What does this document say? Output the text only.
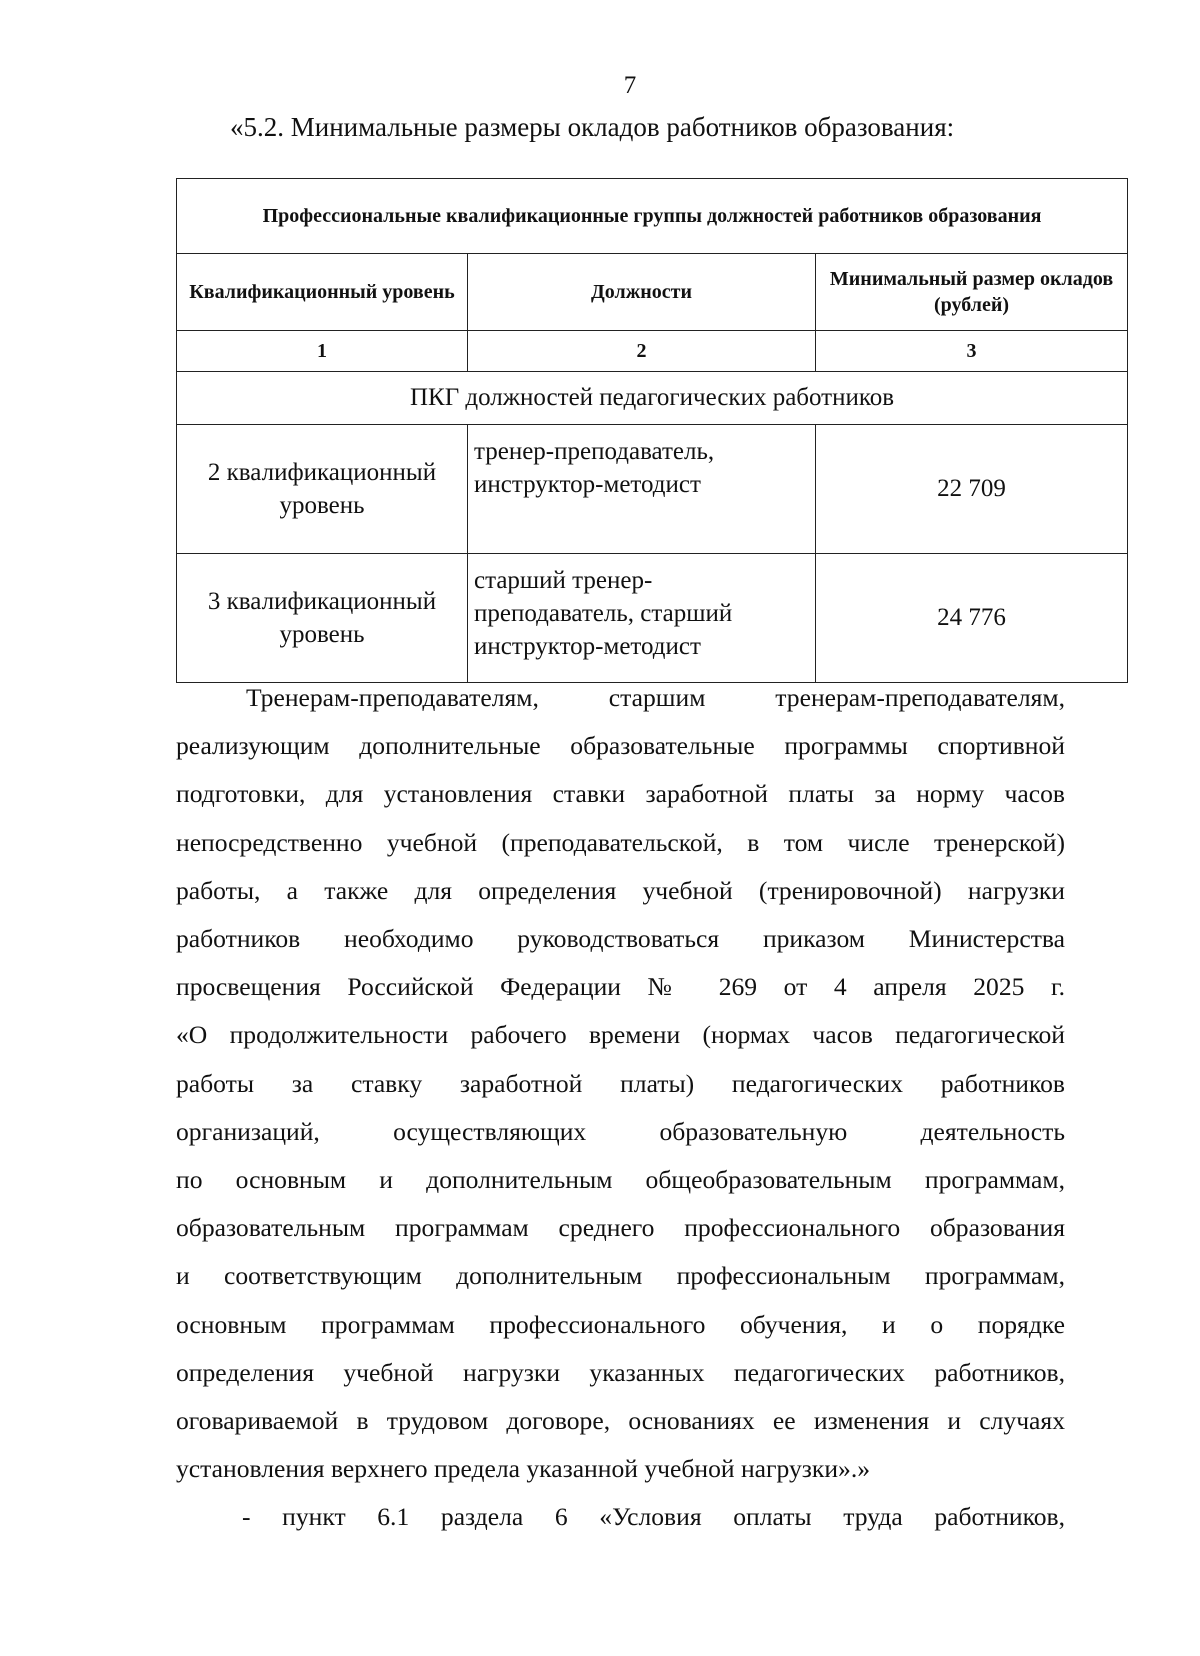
7
«5.2. Минимальные размеры окладов работников образования:
Профессиональные квалификационные группы должностей работников образования		
Квалификационный уровень	Должности	Минимальный размер окладов (рублей)
1	2	3
ПКГ должностей педагогических работников		
2 квалификационный уровень	тренер-преподаватель, инструктор-методист	22 709
3 квалификационный уровень	старший тренер-преподаватель, старший инструктор-методист	24 776
Тренерам-преподавателям, старшим тренерам-преподавателям,
реализующим дополнительные образовательные программы спортивной
подготовки, для установления ставки заработной платы за норму часов
непосредственно учебной (преподавательской, в том числе тренерской)
работы, а также для определения учебной (тренировочной) нагрузки
работников необходимо руководствоваться приказом Министерства
просвещения Российской Федерации № 269 от 4 апреля 2025 г.
«О продолжительности рабочего времени (нормах часов педагогической
работы за ставку заработной платы) педагогических работников
организаций, осуществляющих образовательную деятельность
по основным и дополнительным общеобразовательным программам,
образовательным программам среднего профессионального образования
и соответствующим дополнительным профессиональным программам,
основным программам профессионального обучения, и о порядке
определения учебной нагрузки указанных педагогических работников,
оговариваемой в трудовом договоре, основаниях ее изменения и случаях
установления верхнего предела указанной учебной нагрузки».»
- пункт 6.1 раздела 6 «Условия оплаты труда работников,
